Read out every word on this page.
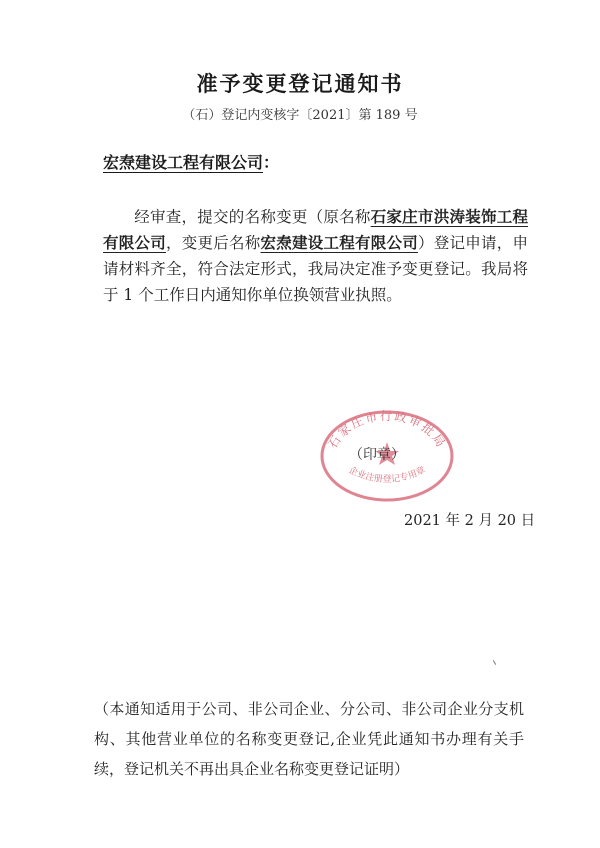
准予变更登记通知书
（石）登记内变核字〔2021〕第 189 号
宏焘建设工程有限公司：
经审查，提交的名称变更（原名称石家庄市洪涛装饰工程有限公司，变更后名称宏焘建设工程有限公司）登记申请，申请材料齐全，符合法定形式，我局决定准予变更登记。我局将于 1 个工作日内通知你单位换领营业执照。
石家庄市行政审批局
企业注册登记专用章
（印章）
2021 年 2 月 20 日
（本通知适用于公司、非公司企业、分公司、非公司企业分支机构、其他营业单位的名称变更登记,企业凭此通知书办理有关手续，登记机关不再出具企业名称变更登记证明）
